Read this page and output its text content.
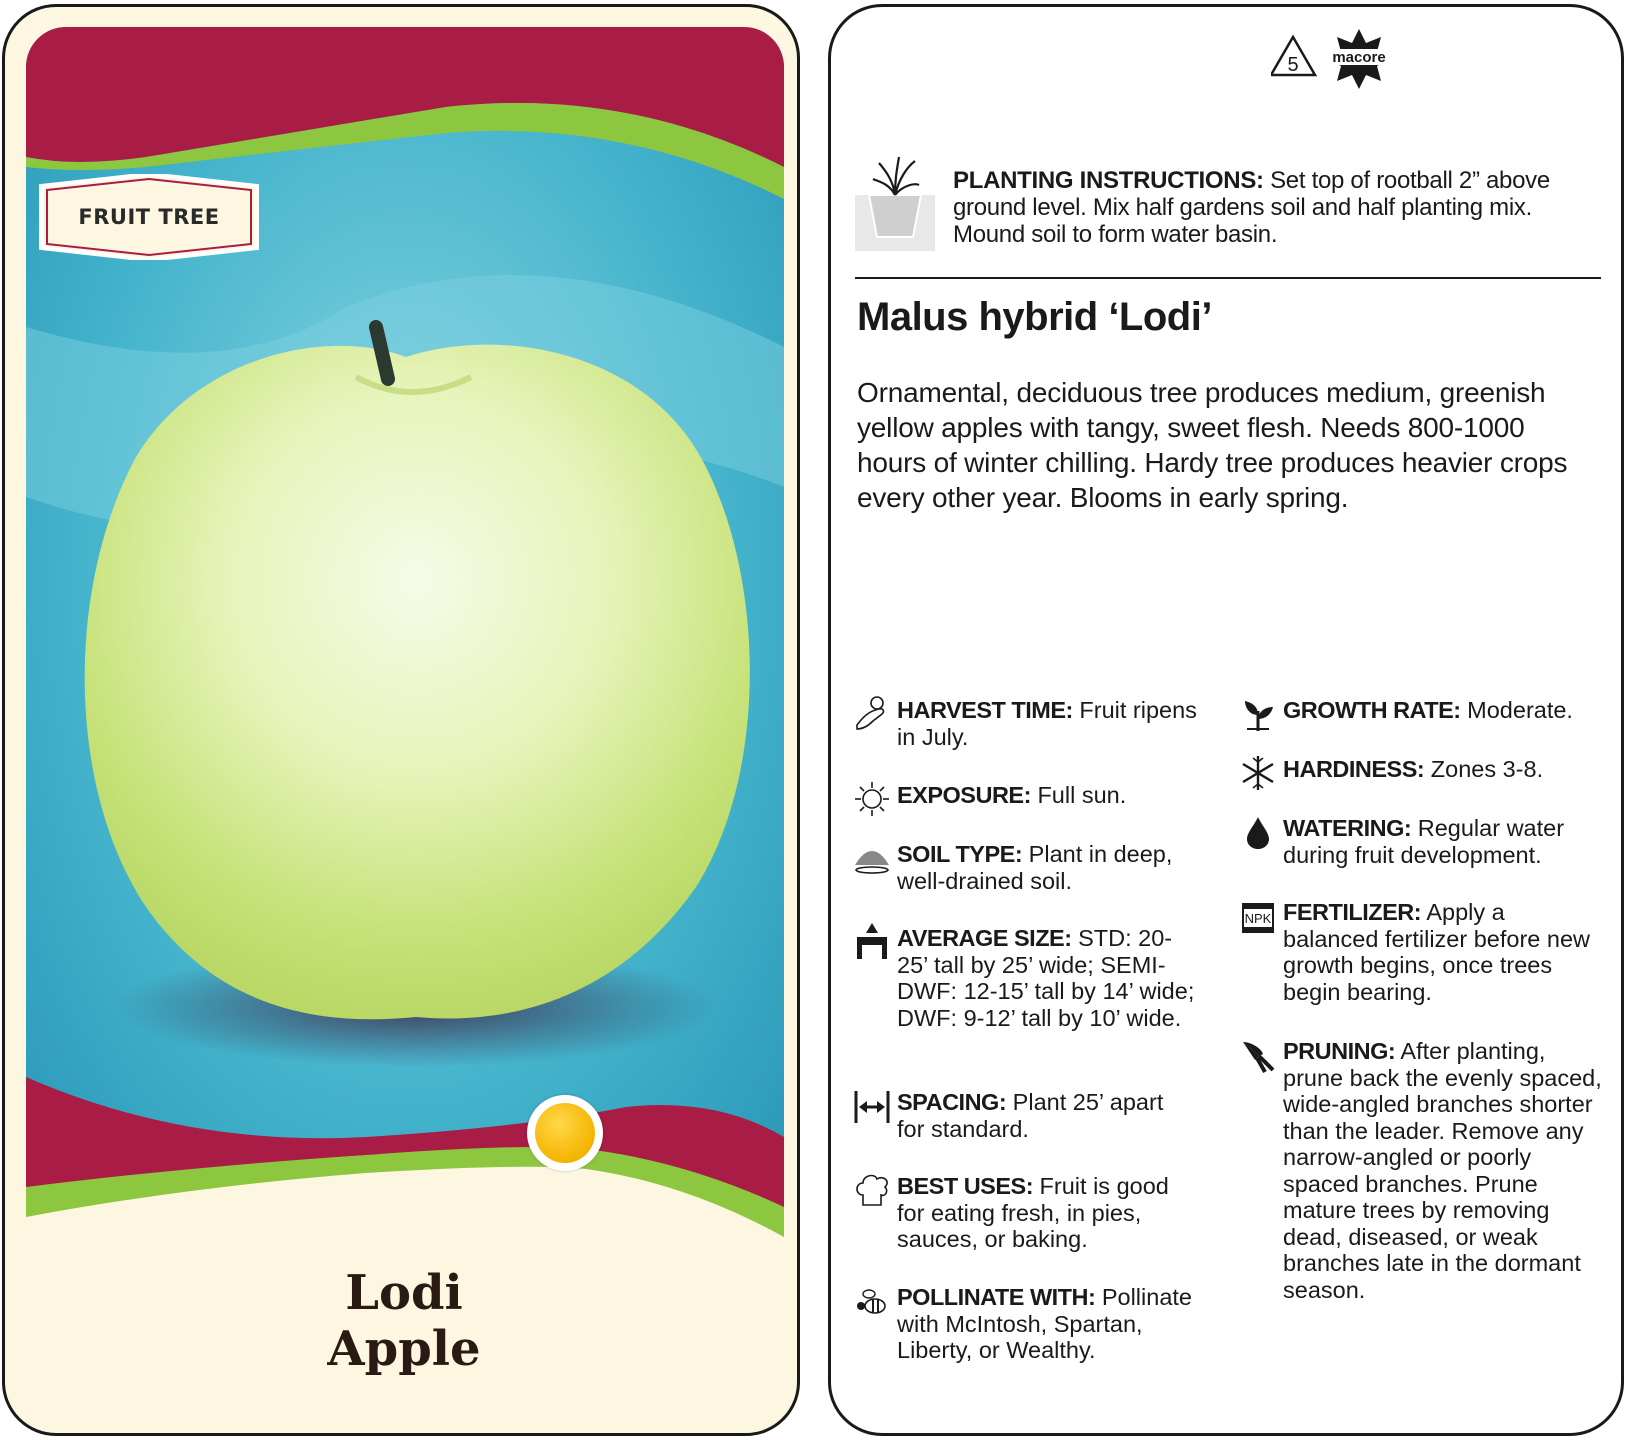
FRUIT TREE
Lodi
Apple
5 macore
PLANTING INSTRUCTIONS: Set top of rootball 2” above ground level. Mix half gardens soil and half planting mix. Mound soil to form water basin.
Malus hybrid ‘Lodi’
Ornamental, deciduous tree produces medium, greenish yellow apples with tangy, sweet flesh. Needs 800-1000 hours of winter chilling. Hardy tree produces heavier crops every other year. Blooms in early spring.
HARVEST TIME: Fruit ripens in July.
EXPOSURE: Full sun.
SOIL TYPE: Plant in deep, well-drained soil.
AVERAGE SIZE: STD: 20-25’ tall by 25’ wide; SEMI-DWF: 12-15’ tall by 14’ wide; DWF: 9-12’ tall by 10’ wide.
SPACING: Plant 25’ apart for standard.
BEST USES: Fruit is good for eating fresh, in pies, sauces, or baking.
POLLINATE WITH: Pollinate with McIntosh, Spartan, Liberty, or Wealthy.
GROWTH RATE: Moderate.
HARDINESS: Zones 3-8.
WATERING: Regular water during fruit development.
NPK FERTILIZER: Apply a balanced fertilizer before new growth begins, once trees begin bearing.
PRUNING: After planting, prune back the evenly spaced, wide-angled branches shorter than the leader. Remove any narrow-angled or poorly spaced branches. Prune mature trees by removing dead, diseased, or weak branches late in the dormant season.
